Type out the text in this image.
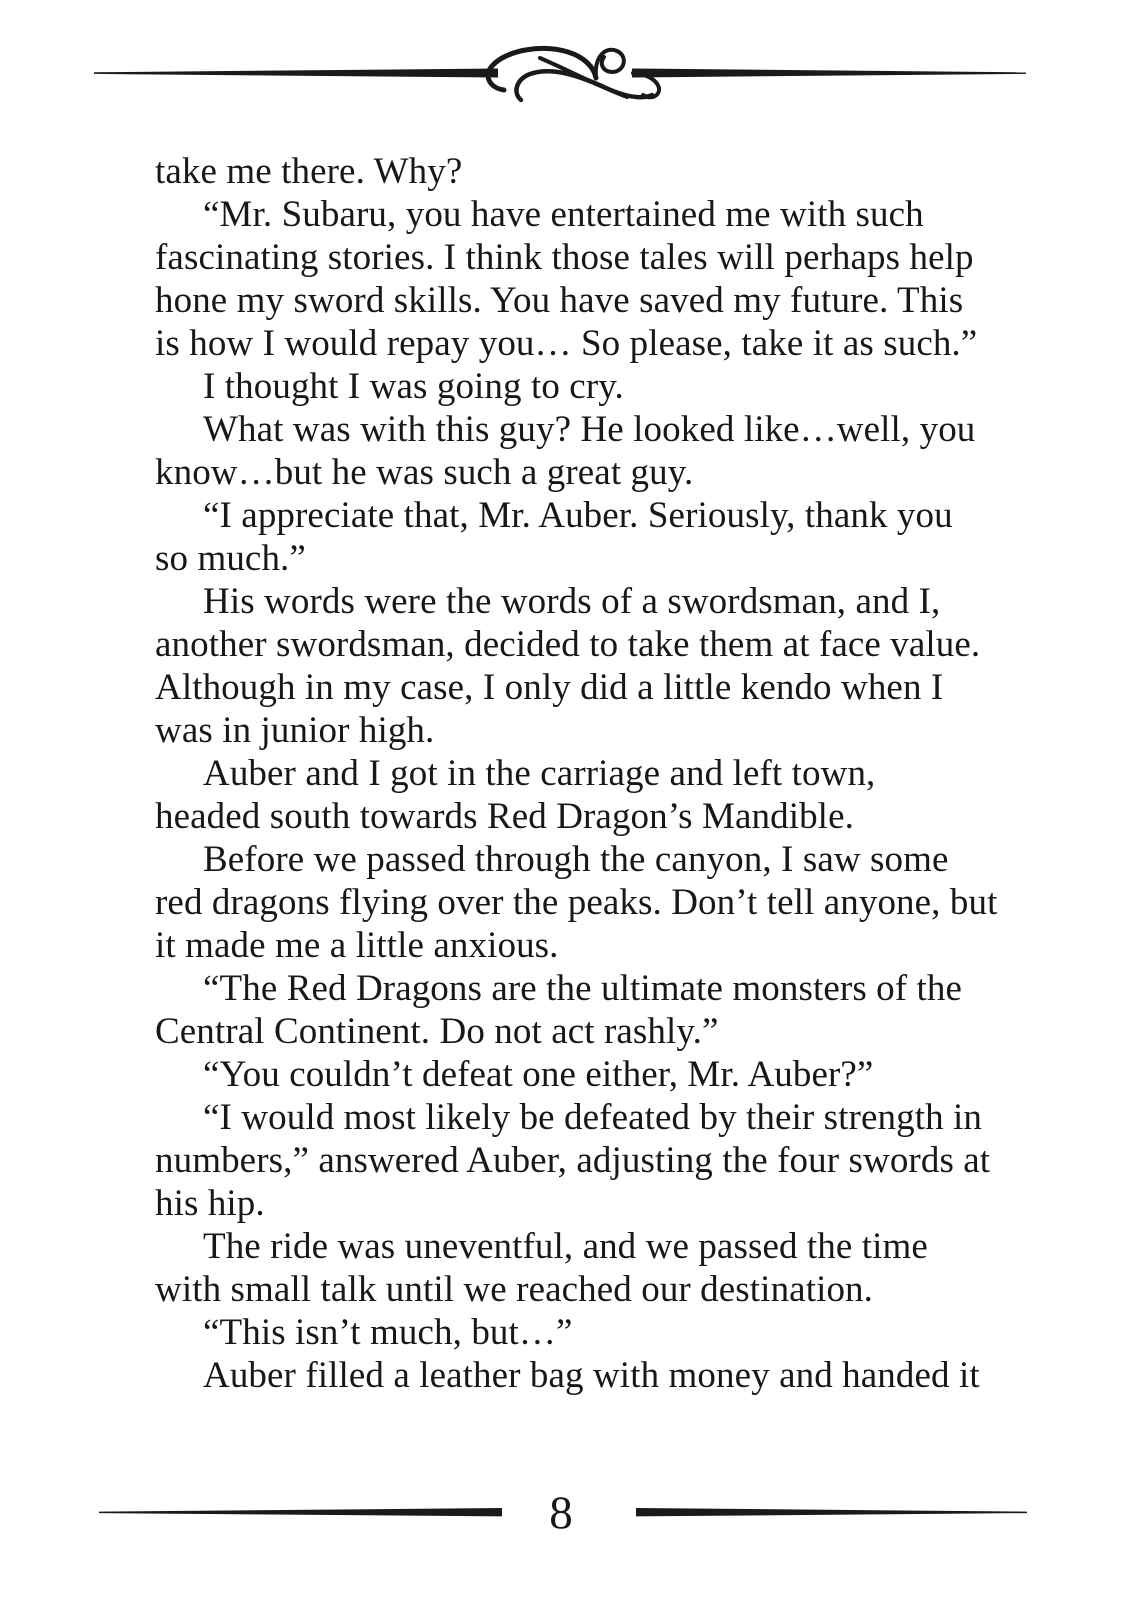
take me there. Why?
“Mr. Subaru, you have entertained me with such
fascinating stories. I think those tales will perhaps help
hone my sword skills. You have saved my future. This
is how I would repay you… So please, take it as such.”
I thought I was going to cry.
What was with this guy? He looked like…well, you
know…but he was such a great guy.
“I appreciate that, Mr. Auber. Seriously, thank you
so much.”
His words were the words of a swordsman, and I,
another swordsman, decided to take them at face value.
Although in my case, I only did a little kendo when I
was in junior high.
Auber and I got in the carriage and left town,
headed south towards Red Dragon’s Mandible.
Before we passed through the canyon, I saw some
red dragons flying over the peaks. Don’t tell anyone, but
it made me a little anxious.
“The Red Dragons are the ultimate monsters of the
Central Continent. Do not act rashly.”
“You couldn’t defeat one either, Mr. Auber?”
“I would most likely be defeated by their strength in
numbers,” answered Auber, adjusting the four swords at
his hip.
The ride was uneventful, and we passed the time
with small talk until we reached our destination.
“This isn’t much, but…”
Auber filled a leather bag with money and handed it
8
